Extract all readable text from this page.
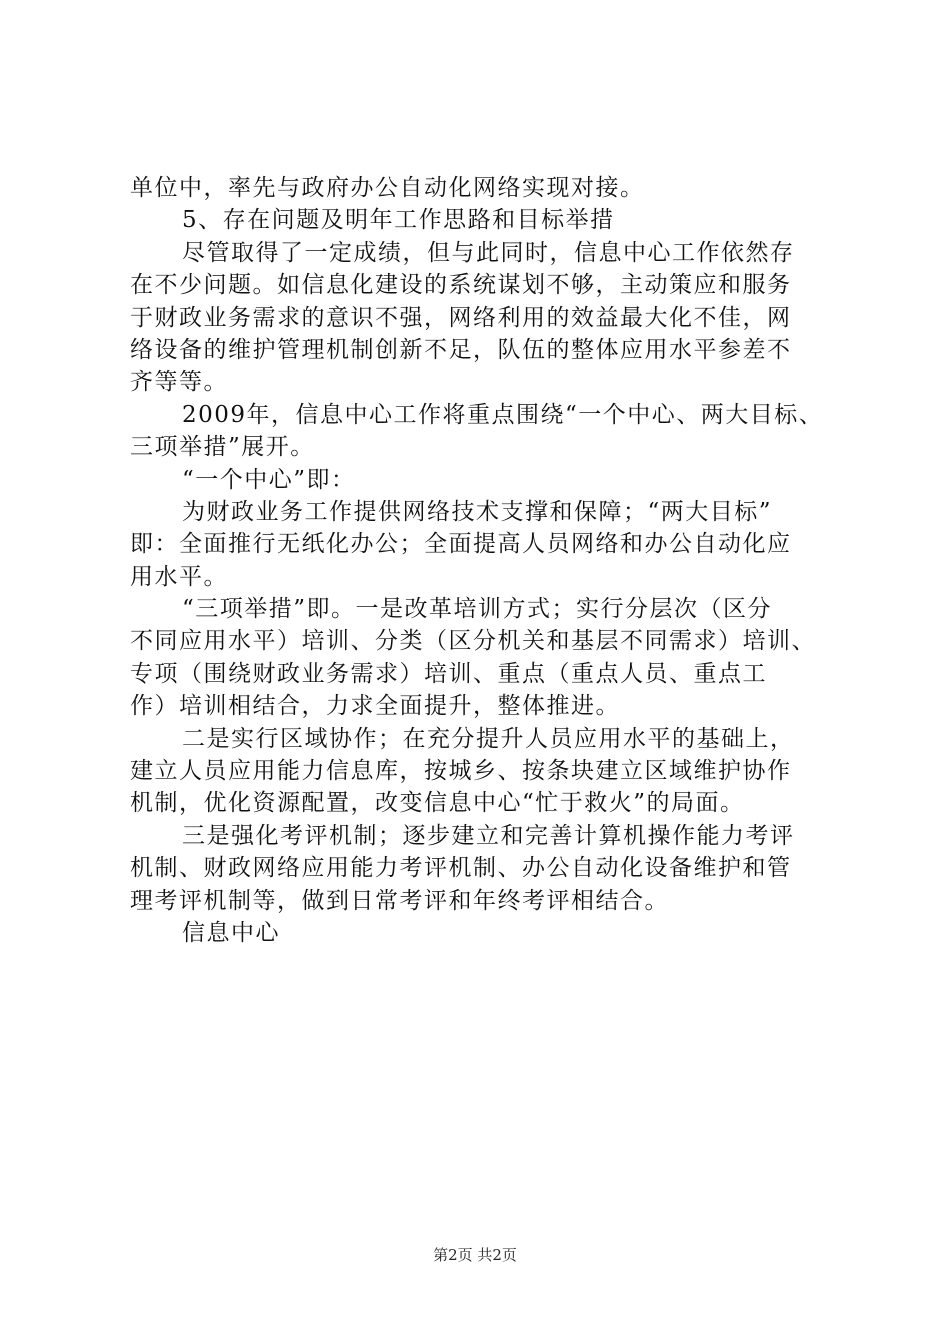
单位中，率先与政府办公自动化网络实现对接。
5、存在问题及明年工作思路和目标举措
尽管取得了一定成绩，但与此同时，信息中心工作依然存
在不少问题。如信息化建设的系统谋划不够，主动策应和服务
于财政业务需求的意识不强，网络利用的效益最大化不佳，网
络设备的维护管理机制创新不足，队伍的整体应用水平参差不
齐等等。
2009年，信息中心工作将重点围绕“一个中心、两大目标、
三项举措”展开。
“一个中心”即：
为财政业务工作提供网络技术支撑和保障；“两大目标”
即：全面推行无纸化办公；全面提高人员网络和办公自动化应
用水平。
“三项举措”即。一是改革培训方式；实行分层次（区分
不同应用水平）培训、分类（区分机关和基层不同需求）培训、
专项（围绕财政业务需求）培训、重点（重点人员、重点工
作）培训相结合，力求全面提升，整体推进。
二是实行区域协作；在充分提升人员应用水平的基础上，
建立人员应用能力信息库，按城乡、按条块建立区域维护协作
机制，优化资源配置，改变信息中心“忙于救火”的局面。
三是强化考评机制；逐步建立和完善计算机操作能力考评
机制、财政网络应用能力考评机制、办公自动化设备维护和管
理考评机制等，做到日常考评和年终考评相结合。
信息中心
第2页 共2页
